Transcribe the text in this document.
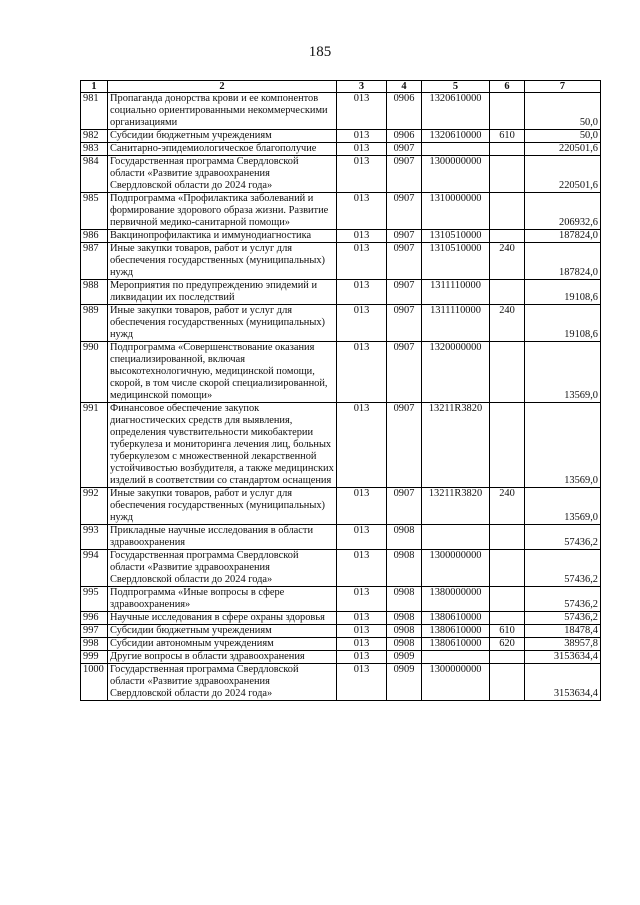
185
1	2	3	4	5	6	7
981	Пропаганда донорства крови и ее компонентов социально ориентированными некоммерческими организациями	013	0906	1320610000		50,0
982	Субсидии бюджетным учреждениям	013	0906	1320610000	610	50,0
983	Санитарно-эпидемиологическое благополучие	013	0907			220501,6
984	Государственная программа Свердловской области «Развитие здравоохранения Свердловской области до 2024 года»	013	0907	1300000000		220501,6
985	Подпрограмма «Профилактика заболеваний и формирование здорового образа жизни. Развитие первичной медико-санитарной помощи»	013	0907	1310000000		206932,6
986	Вакцинопрофилактика и иммунодиагностика	013	0907	1310510000		187824,0
987	Иные закупки товаров, работ и услуг для обеспечения государственных (муниципальных) нужд	013	0907	1310510000	240	187824,0
988	Мероприятия по предупреждению эпидемий и ликвидации их последствий	013	0907	1311110000		19108,6
989	Иные закупки товаров, работ и услуг для обеспечения государственных (муниципальных) нужд	013	0907	1311110000	240	19108,6
990	Подпрограмма «Совершенствование оказания специализированной, включая высокотехнологичную, медицинской помощи, скорой, в том числе скорой специализированной, медицинской помощи»	013	0907	1320000000		13569,0
991	Финансовое обеспечение закупок диагностических средств для выявления, определения чувствительности микобактерии туберкулеза и мониторинга лечения лиц, больных туберкулезом с множественной лекарственной устойчивостью возбудителя, а также медицинских изделий в соответствии со стандартом оснащения	013	0907	13211R3820		13569,0
992	Иные закупки товаров, работ и услуг для обеспечения государственных (муниципальных) нужд	013	0907	13211R3820	240	13569,0
993	Прикладные научные исследования в области здравоохранения	013	0908			57436,2
994	Государственная программа Свердловской области «Развитие здравоохранения Свердловской области до 2024 года»	013	0908	1300000000		57436,2
995	Подпрограмма «Иные вопросы в сфере здравоохранения»	013	0908	1380000000		57436,2
996	Научные исследования в сфере охраны здоровья	013	0908	1380610000		57436,2
997	Субсидии бюджетным учреждениям	013	0908	1380610000	610	18478,4
998	Субсидии автономным учреждениям	013	0908	1380610000	620	38957,8
999	Другие вопросы в области здравоохранения	013	0909			3153634,4
1000	Государственная программа Свердловской области «Развитие здравоохранения Свердловской области до 2024 года»	013	0909	1300000000		3153634,4
